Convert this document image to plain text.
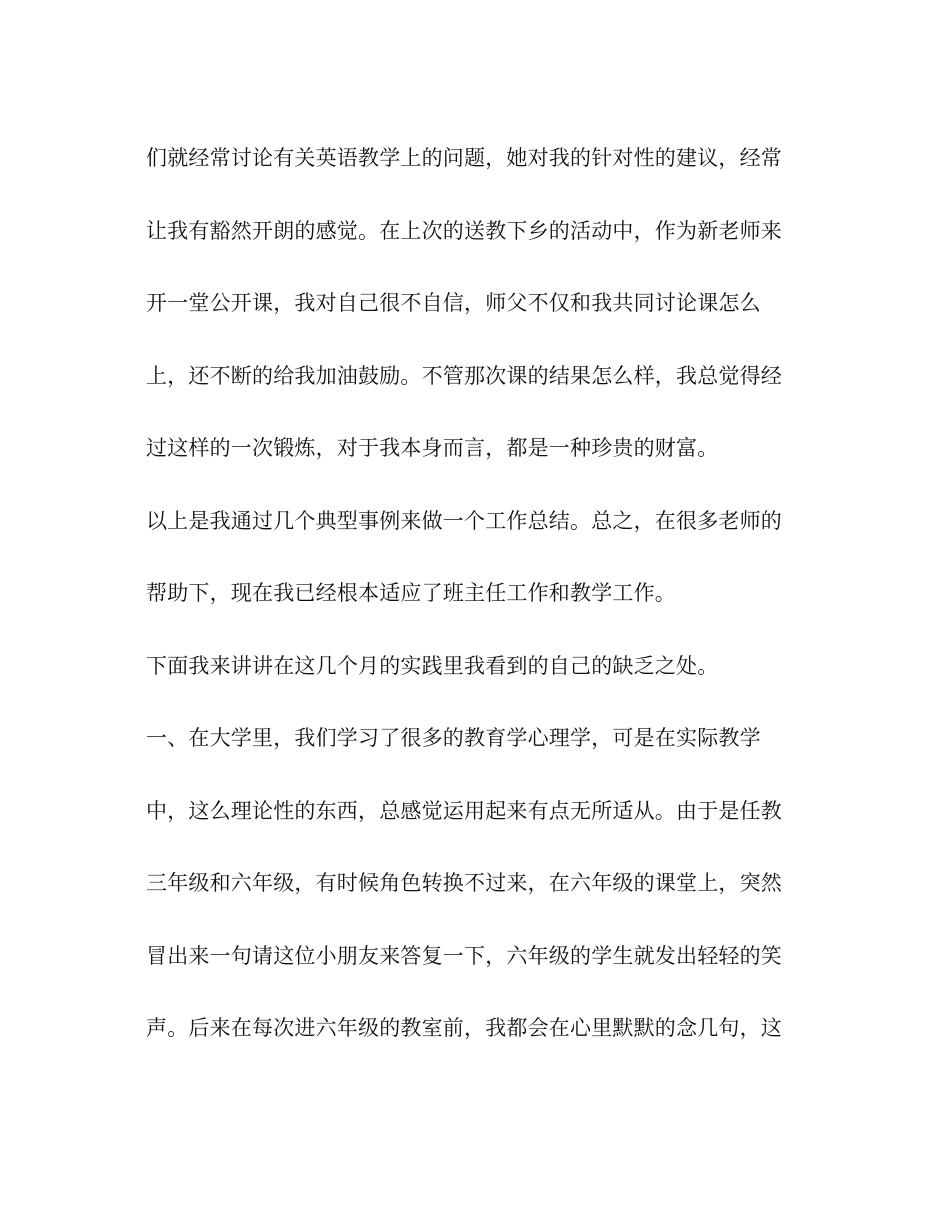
们就经常讨论有关英语教学上的问题，她对我的针对性的建议，经常
让我有豁然开朗的感觉。在上次的送教下乡的活动中，作为新老师来
开一堂公开课，我对自己很不自信，师父不仅和我共同讨论课怎么
上，还不断的给我加油鼓励。不管那次课的结果怎么样，我总觉得经
过这样的一次锻炼，对于我本身而言，都是一种珍贵的财富。
以上是我通过几个典型事例来做一个工作总结。总之，在很多老师的
帮助下，现在我已经根本适应了班主任工作和教学工作。
下面我来讲讲在这几个月的实践里我看到的自己的缺乏之处。
一、在大学里，我们学习了很多的教育学心理学，可是在实际教学
中，这么理论性的东西，总感觉运用起来有点无所适从。由于是任教
三年级和六年级，有时候角色转换不过来，在六年级的课堂上，突然
冒出来一句请这位小朋友来答复一下，六年级的学生就发出轻轻的笑
声。后来在每次进六年级的教室前，我都会在心里默默的念几句，这
